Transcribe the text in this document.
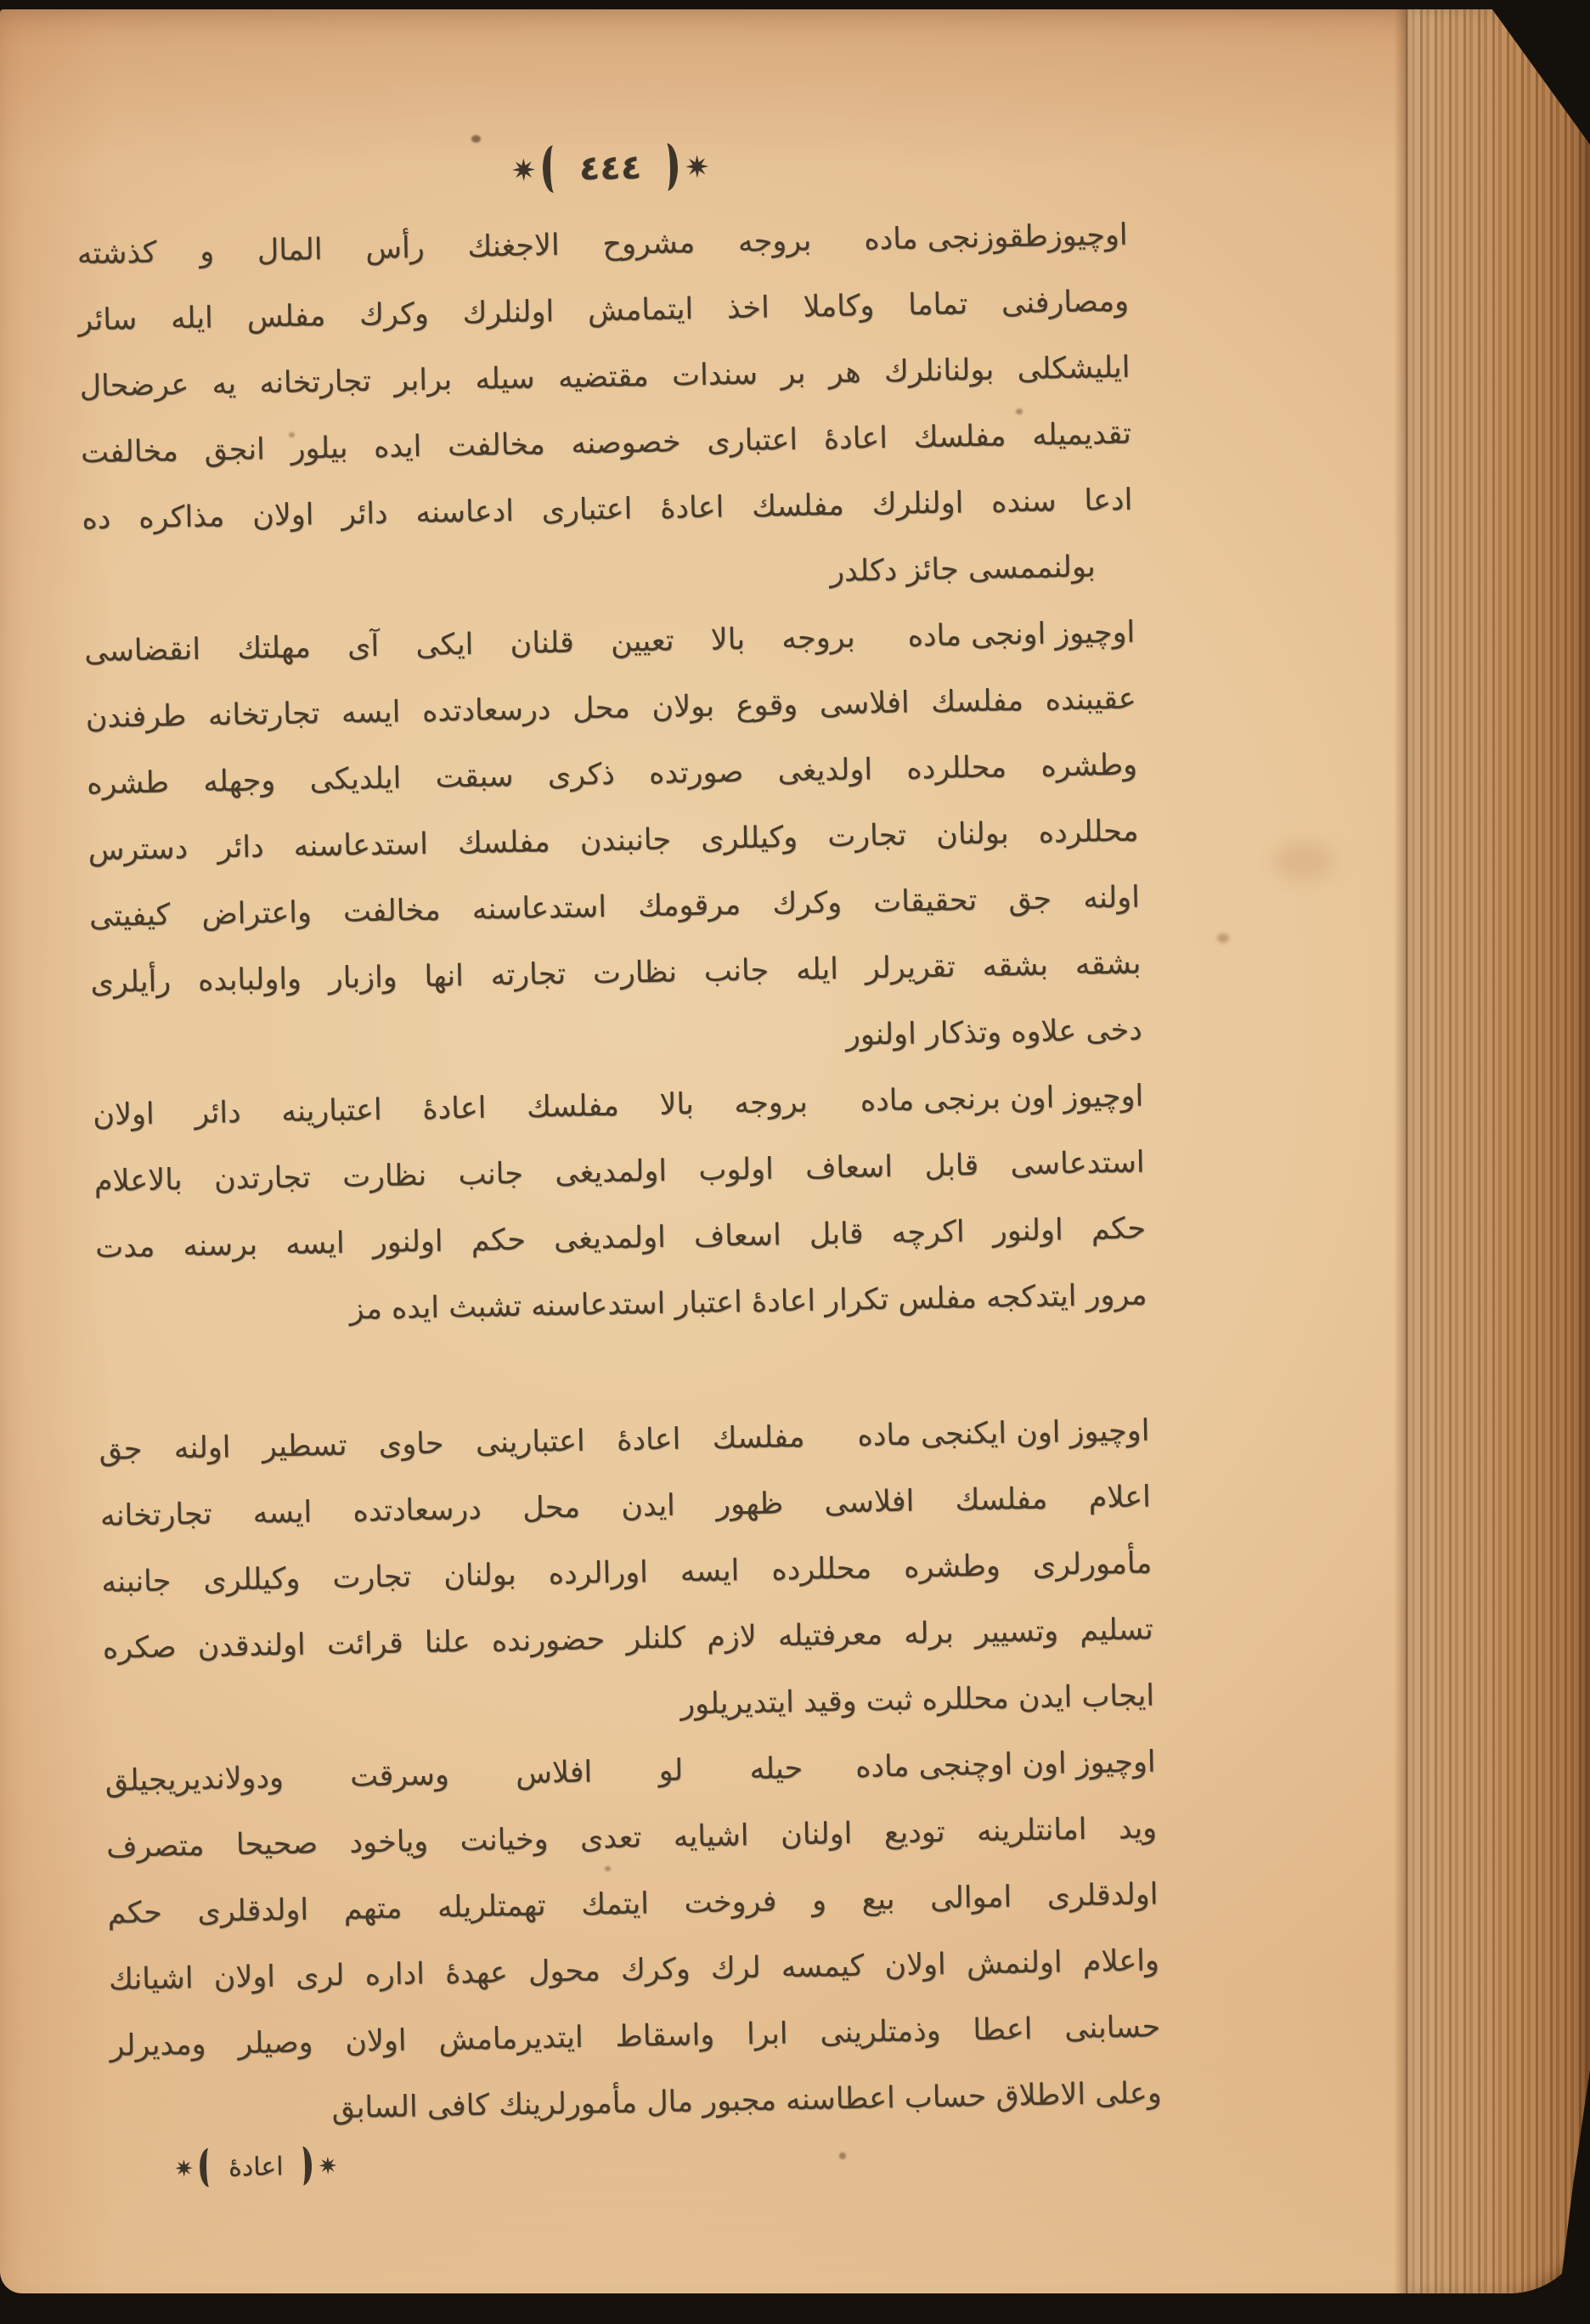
٤٤٤
اوچيوزطقوزنجى ماده
بروجه مشروح الاجغنك رأس المال و كذشته
ومصارفنى تماما وكاملا اخذ ايتمامش اولنلرك وكرك مفلس ايله سائر
ايليشكلى بولنانلرك هر بر سندات مقتضيه سيله برابر تجارتخانه يه عرضحال
تقديميله مفلسك اعادهٔ اعتبارى خصوصنه مخالفت ايده بيلور انجق مخالفت
ادعا سنده اولنلرك مفلسك اعادهٔ اعتبارى ادعاسنه دائر اولان مذاكره ده
بولنممسى جائز دكلدر
اوچيوز اونجى ماده
بروجه بالا تعيين قلنان ايكى آى مهلتك انقضاسى
عقيبنده مفلسك افلاسى وقوع بولان محل درسعادتده ايسه تجارتخانه طرفندن
وطشره محللرده اولديغى صورتده ذكرى سبقت ايلديكى وجهله طشره
محللرده بولنان تجارت وكيللرى جانبندن مفلسك استدعاسنه دائر دسترس
اولنه جق تحقيقات وكرك مرقومك استدعاسنه مخالفت واعتراض كيفيتى
بشقه بشقه تقريرلر ايله جانب نظارت تجارته انها وازبار واولبابده رأيلرى
دخى علاوه وتذكار اولنور
اوچيوز اون برنجى ماده
بروجه بالا مفلسك اعادهٔ اعتبارينه دائر اولان
استدعاسى قابل اسعاف اولوب اولمديغى جانب نظارت تجارتدن بالاعلام
حكم اولنور اكرچه قابل اسعاف اولمديغى حكم اولنور ايسه برسنه مدت
مرور ايتدكجه مفلس تكرار اعادهٔ اعتبار استدعاسنه تشبث ايده مز
اوچيوز اون ايكنجى ماده
مفلسك اعادهٔ اعتبارينى حاوى تسطير اولنه جق
اعلام مفلسك افلاسى ظهور ايدن محل درسعادتده ايسه تجارتخانه
مأمورلرى وطشره محللرده ايسه اورالرده بولنان تجارت وكيللرى جانبنه
تسليم وتسيير برله معرفتيله لازم كلنلر حضورنده علنا قرائت اولندقدن صكره
ايجاب ايدن محللره ثبت وقيد ايتديريلور
اوچيوز اون اوچنجى ماده
حيله لو افلاس وسرقت ودولانديريجيلق
ويد امانتلرينه توديع اولنان اشيايه تعدى وخيانت وياخود صحيحا متصرف
اولدقلرى اموالى بيع و فروخت ايتمك تهمتلريله متهم اولدقلرى حكم
واعلام اولنمش اولان كيمسه لرك وكرك محول عهدهٔ اداره لرى اولان اشيانك
حسابنى اعطا وذمتلرينى ابرا واسقاط ايتديرمامش اولان وصيلر ومديرلر
وعلى الاطلاق حساب اعطاسنه مجبور مال مأمورلرينك كافى السابق
اعادهٔ
